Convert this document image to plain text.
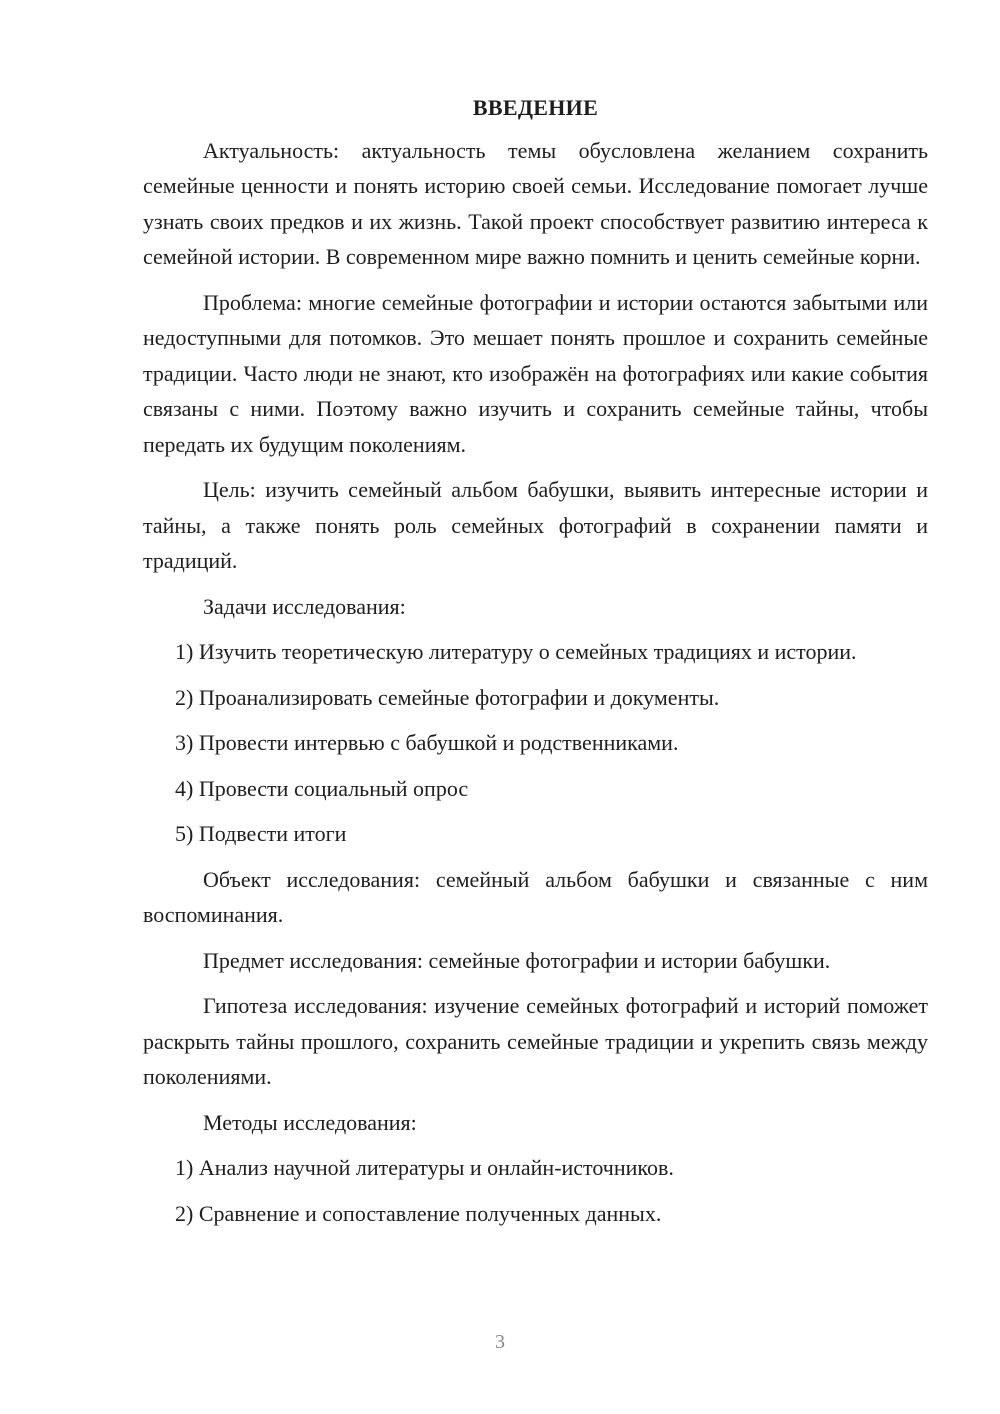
ВВЕДЕНИЕ

Актуальность: актуальность темы обусловлена желанием сохранить семейные ценности и понять историю своей семьи. Исследование помогает лучше узнать своих предков и их жизнь. Такой проект способствует развитию интереса к семейной истории. В современном мире важно помнить и ценить семейные корни.

Проблема: многие семейные фотографии и истории остаются забытыми или недоступными для потомков. Это мешает понять прошлое и сохранить семейные традиции. Часто люди не знают, кто изображён на фотографиях или какие события связаны с ними. Поэтому важно изучить и сохранить семейные тайны, чтобы передать их будущим поколениям.

Цель: изучить семейный альбом бабушки, выявить интересные истории и тайны, а также понять роль семейных фотографий в сохранении памяти и традиций.

Задачи исследования:

1) Изучить теоретическую литературу о семейных традициях и истории.

2) Проанализировать семейные фотографии и документы.

3) Провести интервью с бабушкой и родственниками.

4) Провести социальный опрос

5) Подвести итоги

Объект исследования: семейный альбом бабушки и связанные с ним воспоминания.

Предмет исследования: семейные фотографии и истории бабушки.

Гипотеза исследования: изучение семейных фотографий и историй поможет раскрыть тайны прошлого, сохранить семейные традиции и укрепить связь между поколениями.

Методы исследования:

1) Анализ научной литературы и онлайн-источников.

2) Сравнение и сопоставление полученных данных.

3
